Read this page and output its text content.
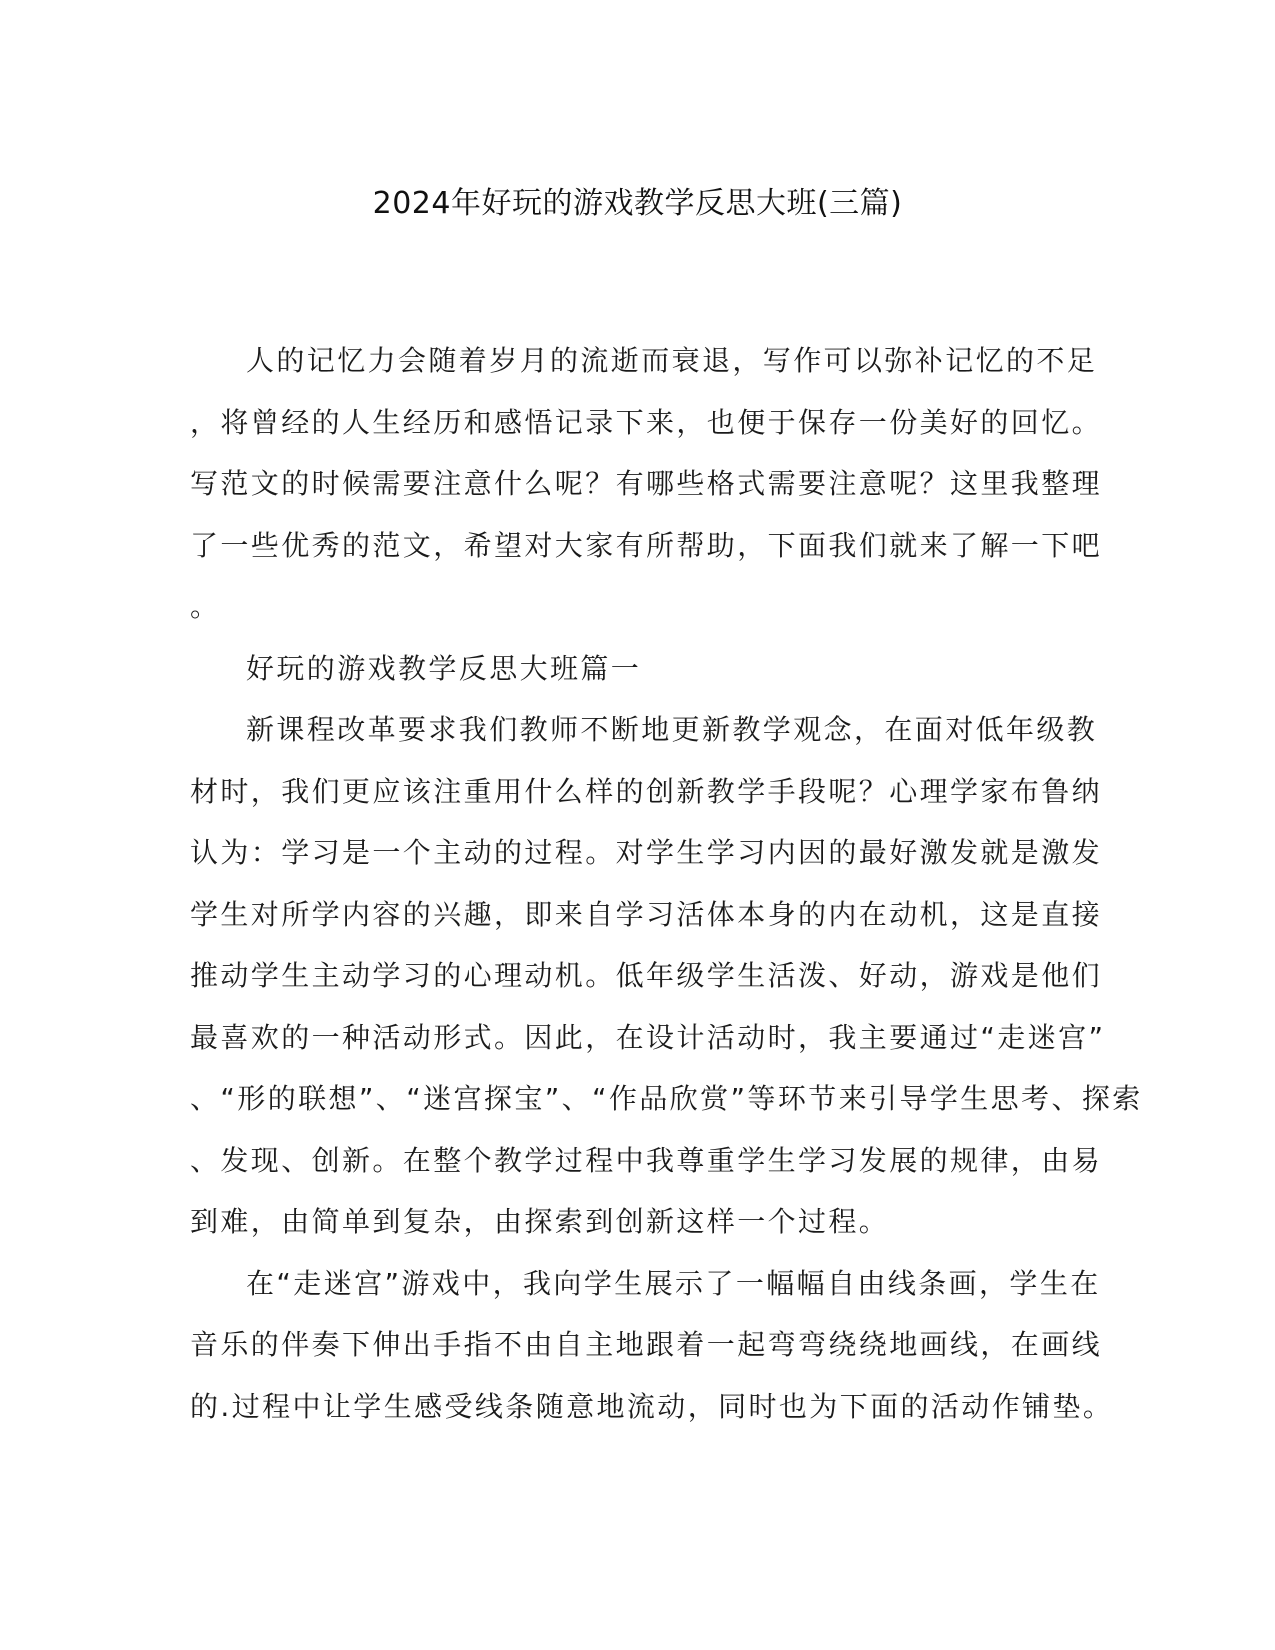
2024年好玩的游戏教学反思大班(三篇)

人的记忆力会随着岁月的流逝而衰退，写作可以弥补记忆的不足
，将曾经的人生经历和感悟记录下来，也便于保存一份美好的回忆。
写范文的时候需要注意什么呢？有哪些格式需要注意呢？这里我整理
了一些优秀的范文，希望对大家有所帮助，下面我们就来了解一下吧
。

好玩的游戏教学反思大班篇一

新课程改革要求我们教师不断地更新教学观念，在面对低年级教
材时，我们更应该注重用什么样的创新教学手段呢？心理学家布鲁纳
认为：学习是一个主动的过程。对学生学习内因的最好激发就是激发
学生对所学内容的兴趣，即来自学习活体本身的内在动机，这是直接
推动学生主动学习的心理动机。低年级学生活泼、好动，游戏是他们
最喜欢的一种活动形式。因此，在设计活动时，我主要通过“走迷宫”
、“形的联想”、“迷宫探宝”、“作品欣赏”等环节来引导学生思考、探索
、发现、创新。在整个教学过程中我尊重学生学习发展的规律，由易
到难，由简单到复杂，由探索到创新这样一个过程。

在“走迷宫”游戏中，我向学生展示了一幅幅自由线条画，学生在
音乐的伴奏下伸出手指不由自主地跟着一起弯弯绕绕地画线，在画线
的.过程中让学生感受线条随意地流动，同时也为下面的活动作铺垫。
